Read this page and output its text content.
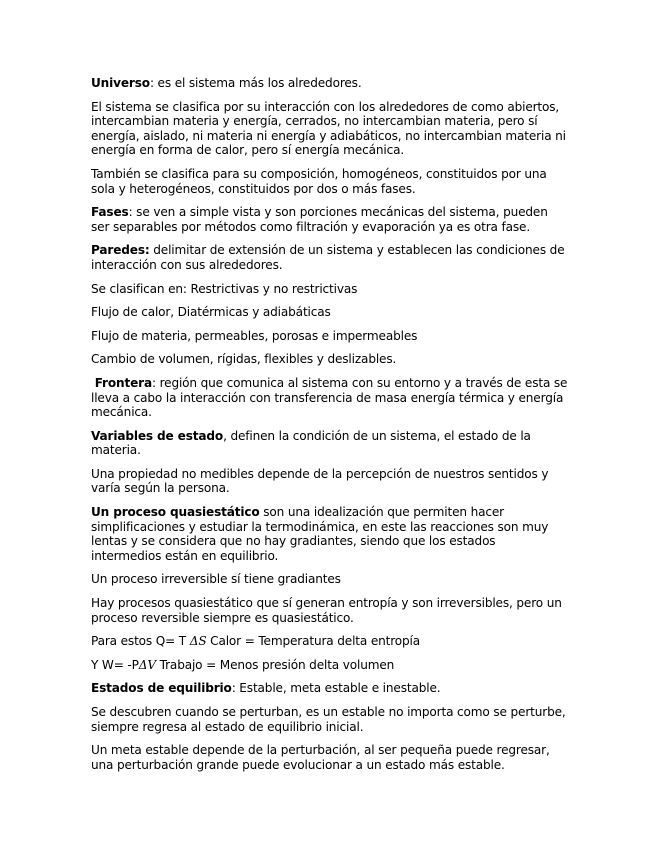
Universo: es el sistema más los alrededores.

El sistema se clasifica por su interacción con los alrededores de como abiertos, intercambian materia y energía, cerrados, no intercambian materia, pero sí energía, aislado, ni materia ni energía y adiabáticos, no intercambian materia ni energía en forma de calor, pero sí energía mecánica.

También se clasifica para su composición, homogéneos, constituidos por una sola y heterogéneos, constituidos por dos o más fases.

Fases: se ven a simple vista y son porciones mecánicas del sistema, pueden ser separables por métodos como filtración y evaporación ya es otra fase.

Paredes: delimitar de extensión de un sistema y establecen las condiciones de interacción con sus alrededores.

Se clasifican en: Restrictivas y no restrictivas

Flujo de calor, Diatérmicas y adiabáticas

Flujo de materia, permeables, porosas e impermeables

Cambio de volumen, rígidas, flexibles y deslizables.

Frontera: región que comunica al sistema con su entorno y a través de esta se lleva a cabo la interacción con transferencia de masa energía térmica y energía mecánica.

Variables de estado, definen la condición de un sistema, el estado de la materia.

Una propiedad no medibles depende de la percepción de nuestros sentidos y varía según la persona.

Un proceso quasiestático son una idealización que permiten hacer simplificaciones y estudiar la termodinámica, en este las reacciones son muy lentas y se considera que no hay gradiantes, siendo que los estados intermedios están en equilibrio.

Un proceso irreversible sí tiene gradiantes

Hay procesos quasiestático que sí generan entropía y son irreversibles, pero un proceso reversible siempre es quasiestático.

Para estos Q= T ΔS Calor = Temperatura delta entropía

Y W= -PΔV Trabajo = Menos presión delta volumen

Estados de equilibrio: Estable, meta estable e inestable.

Se descubren cuando se perturban, es un estable no importa como se perturbe, siempre regresa al estado de equilibrio inicial.

Un meta estable depende de la perturbación, al ser pequeña puede regresar, una perturbación grande puede evolucionar a un estado más estable.
